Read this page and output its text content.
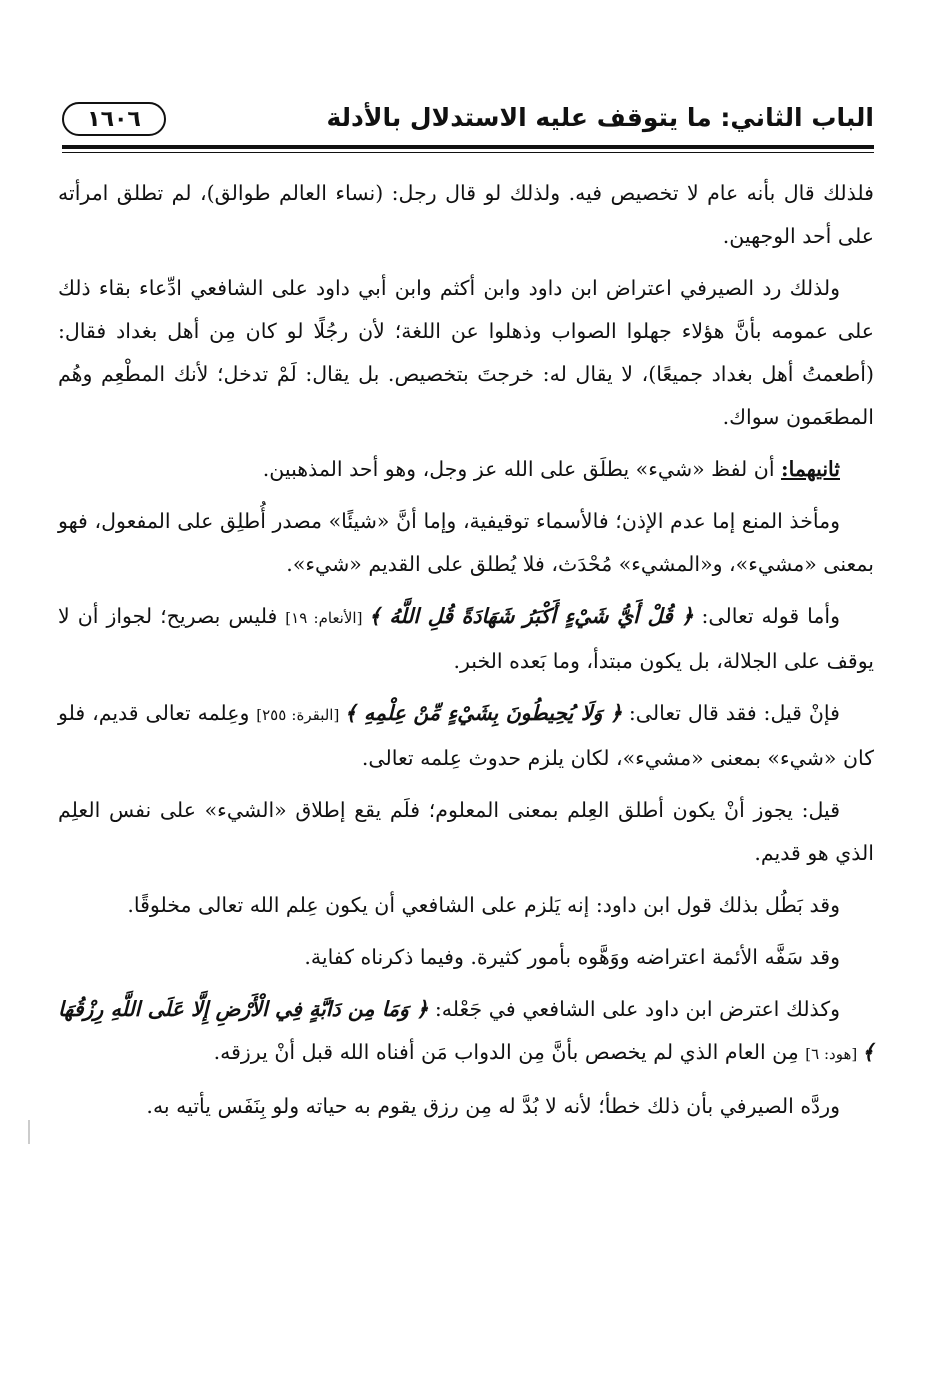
الباب الثاني: ما يتوقف عليه الاستدلال بالأدلة
١٦٠٦

فلذلك قال بأنه عام لا تخصيص فيه. ولذلك لو قال رجل: (نساء العالم طوالق)، لم تطلق امرأته على أحد الوجهين.

ولذلك رد الصيرفي اعتراض ابن داود وابن أكثم وابن أبي داود على الشافعي ادِّعاء بقاء ذلك على عمومه بأنَّ هؤلاء جهلوا الصواب وذهلوا عن اللغة؛ لأن رجُلًا لو كان مِن أهل بغداد فقال: (أطعمتُ أهل بغداد جميعًا)، لا يقال له: خرجتَ بتخصيص. بل يقال: لَمْ تدخل؛ لأنك المطْعِم وهُم المطعَمون سواك.

ثانيهما: أن لفظ «شيء» يطلَق على الله عز وجل، وهو أحد المذهبين.

ومأخذ المنع إما عدم الإذن؛ فالأسماء توقيفية، وإما أنَّ «شيئًا» مصدر أُطلِق على المفعول، فهو بمعنى «مشيء»، و«المشيء» مُحْدَث، فلا يُطلق على القديم «شيء».

وأما قوله تعالى: ﴿ قُلْ أَيُّ شَيْءٍ أَكْبَرُ شَهَادَةً قُلِ اللَّهُ ﴾ [الأنعام: ١٩] فليس بصريح؛ لجواز أن لا يوقف على الجلالة، بل يكون مبتدأ، وما بَعده الخبر.

فإنْ قيل: فقد قال تعالى: ﴿ وَلَا يُحِيطُونَ بِشَيْءٍ مِّنْ عِلْمِهِ ﴾ [البقرة: ٢٥٥] وعِلمه تعالى قديم، فلو كان «شيء» بمعنى «مشيء»، لكان يلزم حدوث عِلمه تعالى.

قيل: يجوز أنْ يكون أطلق العِلم بمعنى المعلوم؛ فلَم يقع إطلاق «الشيء» على نفس العلِم الذي هو قديم.

وقد بَطُل بذلك قول ابن داود: إنه يَلزم على الشافعي أن يكون عِلم الله تعالى مخلوقًا.

وقد سَفَّه الأئمة اعتراضه ووَهَّوه بأمور كثيرة. وفيما ذكرناه كفاية.

وكذلك اعترض ابن داود على الشافعي في جَعْله: ﴿ وَمَا مِن دَابَّةٍ فِي الْأَرْضِ إِلَّا عَلَى اللَّهِ رِزْقُهَا ﴾ [هود: ٦] مِن العام الذي لم يخصص بأنَّ مِن الدواب مَن أفناه الله قبل أنْ يرزقه.

وردَّه الصيرفي بأن ذلك خطأ؛ لأنه لا بُدَّ له مِن رزق يقوم به حياته ولو بِنَفَس يأتيه به.
